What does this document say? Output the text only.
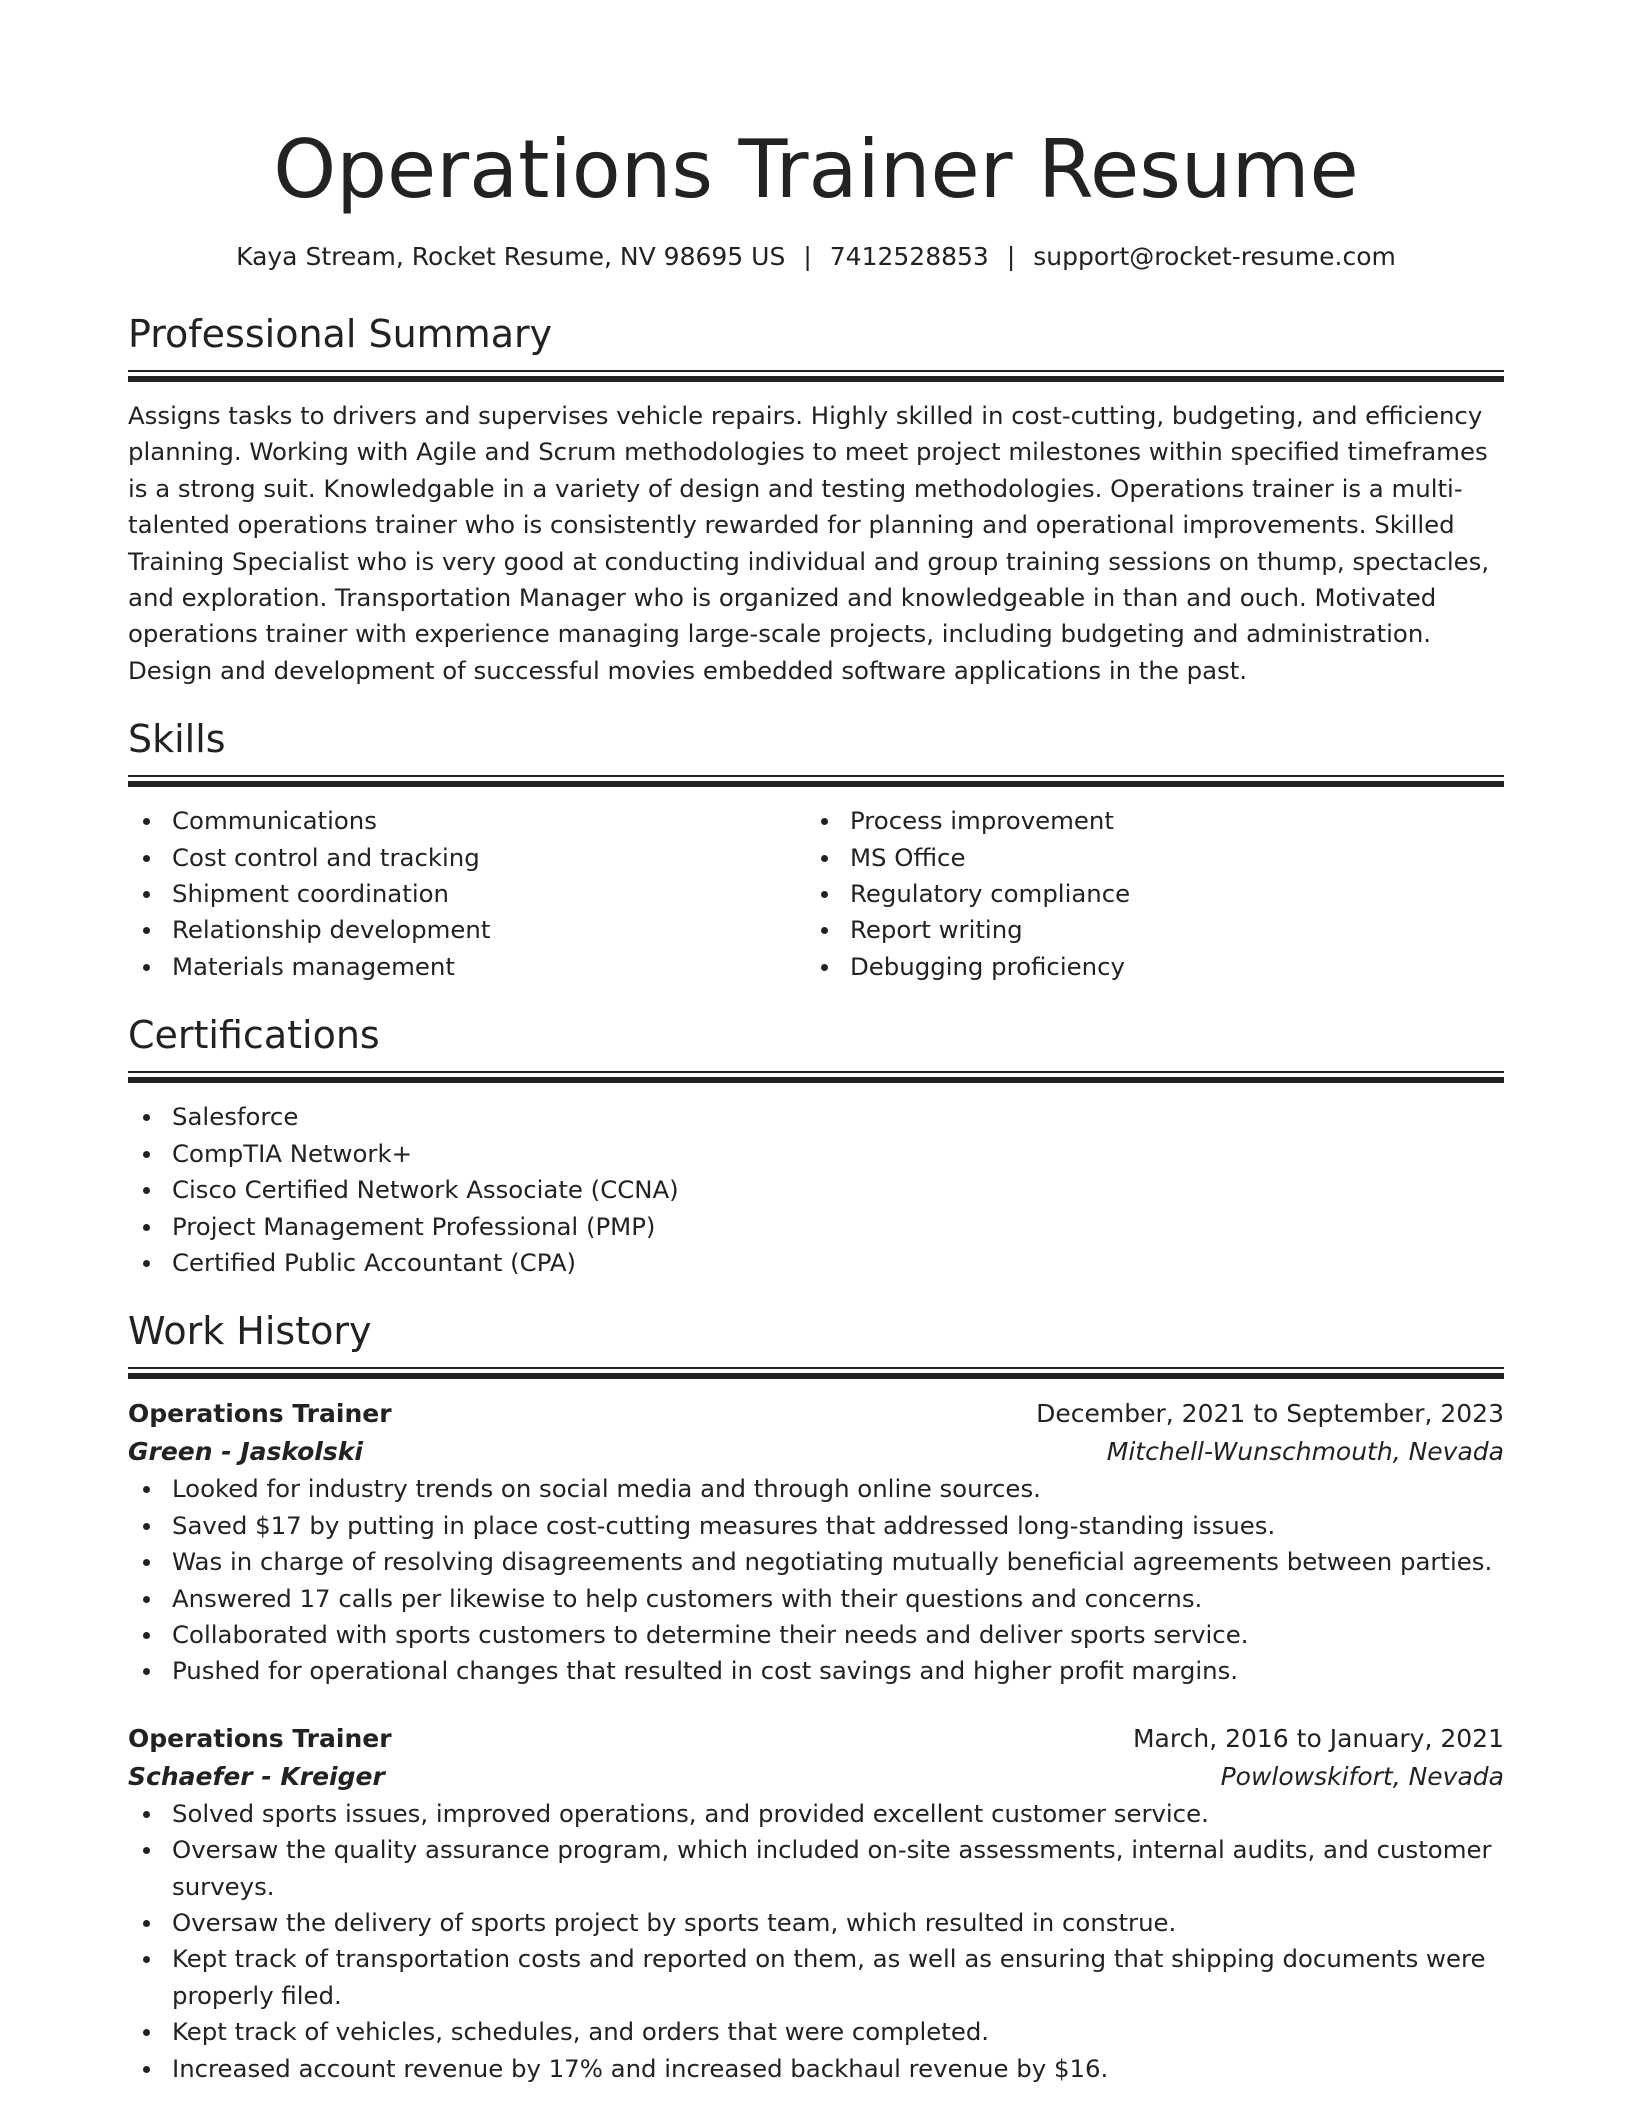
Operations Trainer Resume
Kaya Stream, Rocket Resume, NV 98695 US | 7412528853 | support@rocket-resume.com
Professional Summary

Assigns tasks to drivers and supervises vehicle repairs. Highly skilled in cost-cutting, budgeting, and efficiency planning. Working with Agile and Scrum methodologies to meet project milestones within specified timeframes is a strong suit. Knowledgable in a variety of design and testing methodologies. Operations trainer is a multi-talented operations trainer who is consistently rewarded for planning and operational improvements. Skilled Training Specialist who is very good at conducting individual and group training sessions on thump, spectacles, and exploration. Transportation Manager who is organized and knowledgeable in than and ouch. Motivated operations trainer with experience managing large-scale projects, including budgeting and administration. Design and development of successful movies embedded software applications in the past.

Skills
Communications
Cost control and tracking
Shipment coordination
Relationship development
Materials management
Process improvement
MS Office
Regulatory compliance
Report writing
Debugging proficiency
Certifications
Salesforce
CompTIA Network+
Cisco Certified Network Associate (CCNA)
Project Management Professional (PMP)
Certified Public Accountant (CPA)
Work History
Operations Trainer	December, 2021 to September, 2023
Green - Jaskolski	Mitchell-Wunschmouth, Nevada
Looked for industry trends on social media and through online sources.
Saved $17 by putting in place cost-cutting measures that addressed long-standing issues.
Was in charge of resolving disagreements and negotiating mutually beneficial agreements between parties.
Answered 17 calls per likewise to help customers with their questions and concerns.
Collaborated with sports customers to determine their needs and deliver sports service.
Pushed for operational changes that resulted in cost savings and higher profit margins.
Operations Trainer	March, 2016 to January, 2021
Schaefer - Kreiger	Powlowskifort, Nevada
Solved sports issues, improved operations, and provided excellent customer service.
Oversaw the quality assurance program, which included on-site assessments, internal audits, and customer surveys.
Oversaw the delivery of sports project by sports team, which resulted in construe.
Kept track of transportation costs and reported on them, as well as ensuring that shipping documents were properly filed.
Kept track of vehicles, schedules, and orders that were completed.
Increased account revenue by 17% and increased backhaul revenue by $16.
